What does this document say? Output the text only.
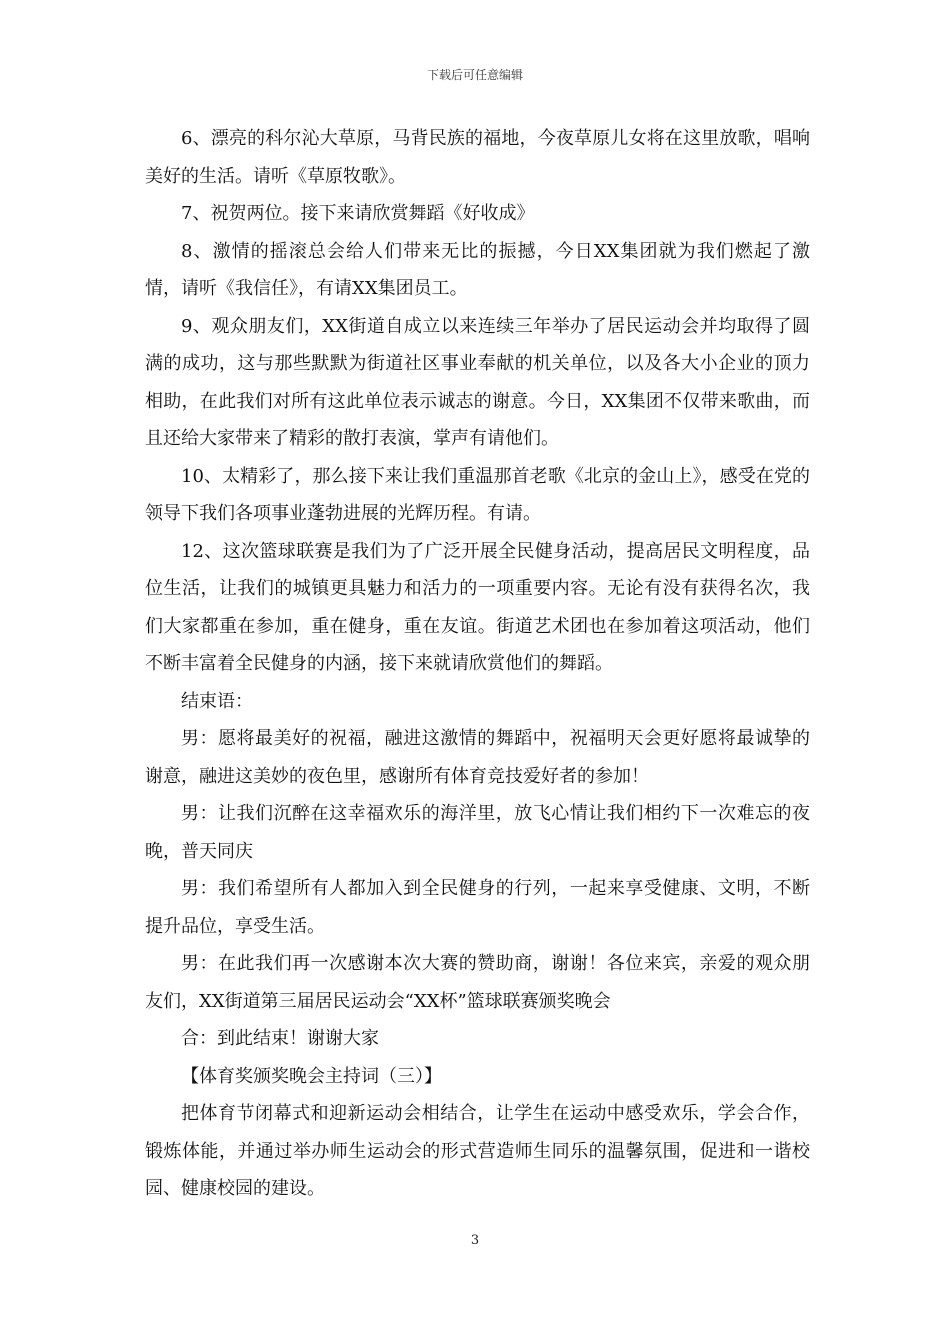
下载后可任意编辑

6、漂亮的科尔沁大草原，马背民族的福地，今夜草原儿女将在这里放歌，唱响美好的生活。请听《草原牧歌》。

7、祝贺两位。接下来请欣赏舞蹈《好收成》

8、激情的摇滚总会给人们带来无比的振撼，今日XX集团就为我们燃起了激情，请听《我信任》，有请XX集团员工。

9、观众朋友们，XX街道自成立以来连续三年举办了居民运动会并均取得了圆满的成功，这与那些默默为街道社区事业奉献的机关单位，以及各大小企业的顶力相助，在此我们对所有这此单位表示诚志的谢意。今日，XX集团不仅带来歌曲，而且还给大家带来了精彩的散打表演，掌声有请他们。

10、太精彩了，那么接下来让我们重温那首老歌《北京的金山上》，感受在党的领导下我们各项事业蓬勃进展的光辉历程。有请。

12、这次篮球联赛是我们为了广泛开展全民健身活动，提高居民文明程度，品位生活，让我们的城镇更具魅力和活力的一项重要内容。无论有没有获得名次，我们大家都重在参加，重在健身，重在友谊。街道艺术团也在参加着这项活动，他们不断丰富着全民健身的内涵，接下来就请欣赏他们的舞蹈。

结束语：

男：愿将最美好的祝福，融进这激情的舞蹈中，祝福明天会更好愿将最诚挚的谢意，融进这美妙的夜色里，感谢所有体育竞技爱好者的参加！

男：让我们沉醉在这幸福欢乐的海洋里，放飞心情让我们相约下一次难忘的夜晚，普天同庆

男：我们希望所有人都加入到全民健身的行列，一起来享受健康、文明，不断提升品位，享受生活。

男：在此我们再一次感谢本次大赛的赞助商，谢谢！各位来宾，亲爱的观众朋友们，XX街道第三届居民运动会“XX杯”篮球联赛颁奖晚会

合：到此结束！谢谢大家

【体育奖颁奖晚会主持词（三）】

把体育节闭幕式和迎新运动会相结合，让学生在运动中感受欢乐，学会合作，锻炼体能，并通过举办师生运动会的形式营造师生同乐的温馨氛围，促进和一谐校园、健康校园的建设。

3
